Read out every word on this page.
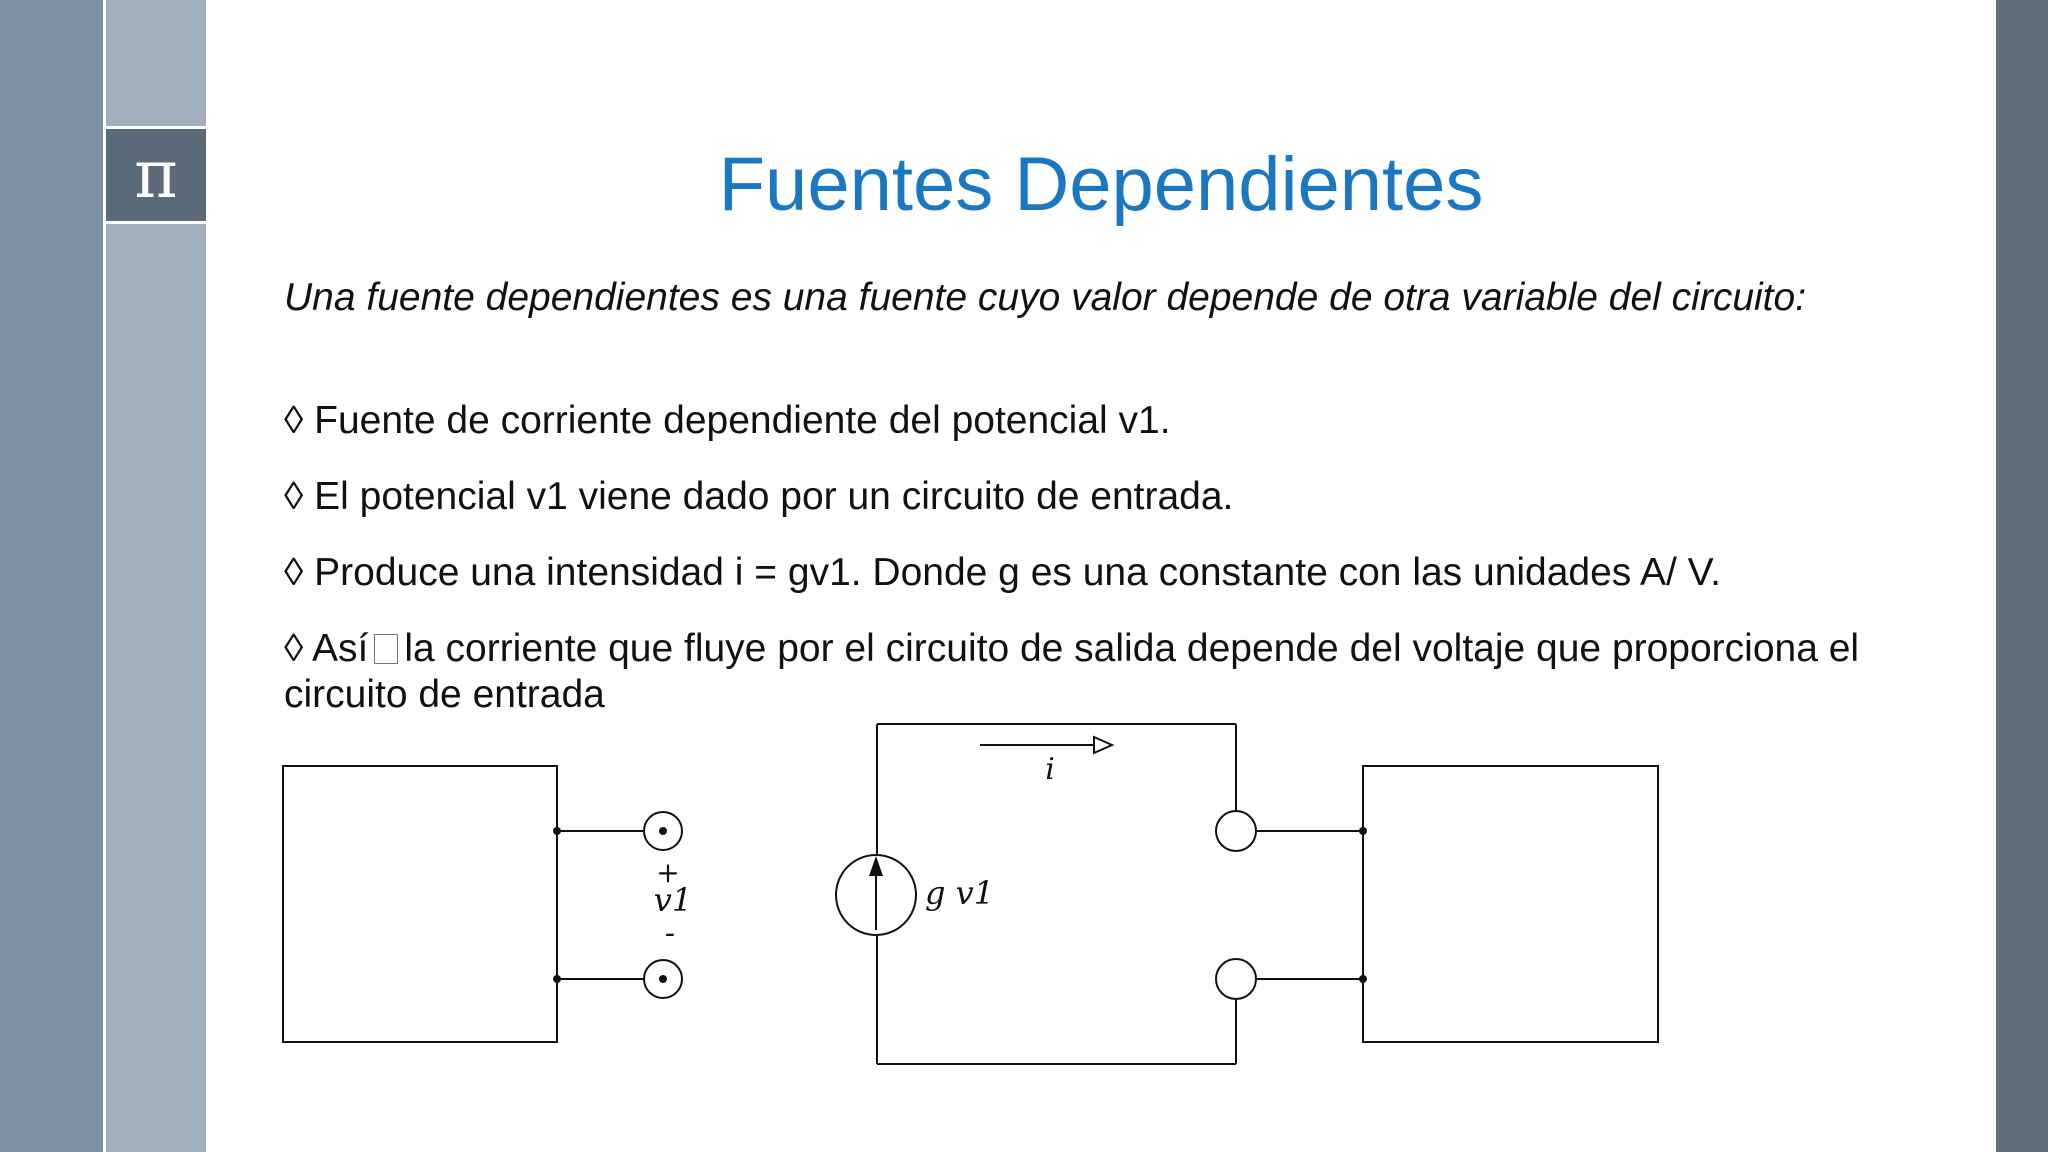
π	Fuentes Dependientes
Una fuente dependientes es una fuente cuyo valor depende de otra variable del circuito:
◊ Fuente de corriente dependiente del potencial v1.
◊ El potencial v1 viene dado por un circuito de entrada.
◊ Produce una intensidad i = gv1. Donde g es una constante con las unidades A/ V.
◊ Así la corriente que fluye por el circuito de salida depende del voltaje que proporciona el circuito de entrada
+
v1
-
i
g v1
